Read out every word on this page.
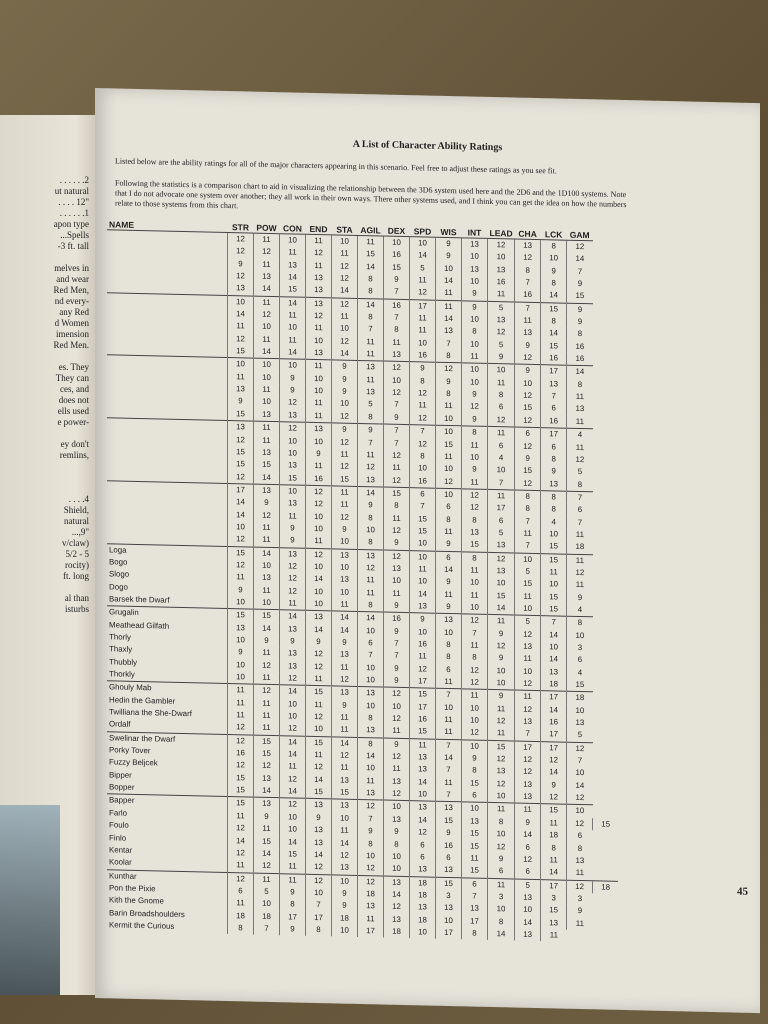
. . . . . .2
ut natural
. . . . 12"
. . . . . .1
apon type
...Spells
-3 ft. tall
melves in
and wear
Red Men,
nd every-
any Red
d Women
imension
Red Men.
es. They
They can
ces, and
does not
ells used
e power-
ey don't
remlins,
. . . .4
Shield,
natural
...,9"
v/claw)
5/2 - 5
rocity)
ft. long
al than
isturbs
A List of Character Ability Ratings
Listed below are the ability ratings for all of the major characters appearing in this scenario. Feel free to adjust these ratings as you see fit.
Following the statistics is a comparison chart to aid in visualizing the relationship between the 3D6 system used here and the 2D6 and the 1D100 systems. Note that I do not advocate one system over another; they all work in their own ways. There other systems used, and I think you can get the idea on how the numbers relate to those systems from this chart.
NAME	STR	POW	CON	END	STA	AGIL	DEX	SPD	WIS	INT	LEAD	CHA	LCK	GAM	
	12	11	10	11	10	11	10	10	9	13	12	13	8	12	
	12	12	11	12	11	15	16	14	9	10	10	12	10	14	
	9	11	13	11	12	14	15	5	10	13	13	8	9	7	
	12	13	14	13	12	8	9	11	14	10	16	7	8	9	
	13	14	15	13	14	8	7	12	11	9	11	16	14	15	
	10	11	14	13	12	14	16	17	11	9	5	7	15	9	
	14	12	11	12	11	8	7	11	14	10	13	11	8	9	
	11	10	10	11	10	7	8	11	13	8	12	13	14	8	
	12	11	11	10	12	11	11	10	7	10	5	9	15	16	
	15	14	14	13	14	11	13	16	8	11	9	12	16	16	
	10	10	10	11	9	13	12	9	12	10	10	9	17	14	
	11	10	9	10	9	11	10	8	9	10	11	10	13	8	
	13	11	9	10	9	13	12	12	8	9	8	12	7	11	
	9	10	12	11	10	5	7	11	11	12	6	15	6	13	
	15	13	13	11	12	8	9	12	10	9	12	12	16	11	
	13	11	12	13	9	9	7	7	10	8	11	6	17	4	
	12	11	10	10	12	7	7	12	15	11	6	12	6	11	
	15	13	10	9	11	11	12	8	11	10	4	9	8	12	
	15	15	13	11	12	12	11	10	10	9	10	15	9	5	
	12	14	15	16	15	13	12	16	12	11	7	12	13	8	
	17	13	10	12	11	14	15	6	10	12	11	8	8	7	
	14	9	13	12	11	9	8	7	6	12	17	8	8	6	
	14	12	11	10	12	8	11	15	8	8	6	7	4	7	
	10	11	9	10	9	10	12	15	11	13	5	11	10	11	
	12	11	9	11	10	8	9	10	9	15	13	7	15	18	
Loga	15	14	13	12	13	13	12	10	6	8	12	10	15	11	
Bogo	12	10	12	10	10	12	13	11	14	11	13	5	11	12	
Slogo	11	13	12	14	13	11	10	10	9	10	10	15	10	11	
Dogo	9	11	12	10	10	11	11	14	11	11	15	11	15	9	
Barsek the Dwarf	10	10	11	10	11	8	9	13	9	10	14	10	15	4	
Grugalin	15	15	14	13	14	14	16	9	13	12	11	5	7	8	
Meathead Gilfath	13	14	13	14	14	10	9	10	10	7	9	12	14	10	
Thorly	10	9	9	9	9	6	7	16	8	11	12	13	10	3	
Thaxly	9	11	13	12	13	7	7	11	8	8	9	11	14	6	
Thubbly	10	12	13	12	11	10	9	12	6	12	10	10	13	4	
Thorkly	10	11	12	11	12	10	9	17	11	12	10	12	18	15	
Ghouly Mab	11	12	14	15	13	13	12	15	7	11	9	11	17	18	
Hedin the Gambler	11	11	10	11	9	10	10	17	10	10	11	12	14	10	
Twilliana the She-Dwarf	11	11	10	12	11	8	12	16	11	10	12	13	16	13	
Ordalf	12	11	12	10	11	13	11	15	11	12	11	7	17	5	
Swelinar the Dwarf	12	15	14	15	14	8	9	11	7	10	15	17	17	12	
Porky Tover	16	15	14	11	12	14	12	13	14	9	12	12	12	7	
Fuzzy Beljcek	12	12	11	12	11	10	11	13	7	8	13	12	14	10	
Bipper	15	13	12	14	13	11	13	14	11	15	12	13	9	14	
Bopper	15	14	14	15	15	13	12	10	7	6	10	13	12	12	
Bapper	15	13	12	13	13	12	10	13	13	10	11	11	15	10	
Farlo	11	9	10	9	10	7	13	14	15	13	8	9	11	12	15
Foulo	12	11	10	13	11	9	9	12	9	15	10	14	18	6	
Finlo	14	15	14	13	14	8	8	6	16	15	12	6	8	8	
Kentar	12	14	15	14	12	10	10	6	6	11	9	12	11	13	
Koolar	11	12	11	12	13	12	10	13	13	15	6	6	14	11	
Kunthar	12	11	11	12	10	12	13	18	15	6	11	5	17	12	18
Pon the Pixie	6	5	9	10	9	18	14	18	3	7	3	13	3	3	
Kith the Gnome	11	10	8	7	9	13	12	13	13	13	10	10	15	9	
Barin Broadshoulders	18	18	17	17	18	11	13	18	10	17	8	14	13	11	
Kermit the Curious	8	7	9	8	10	17	18	10	17	8	14	13	11		
45
